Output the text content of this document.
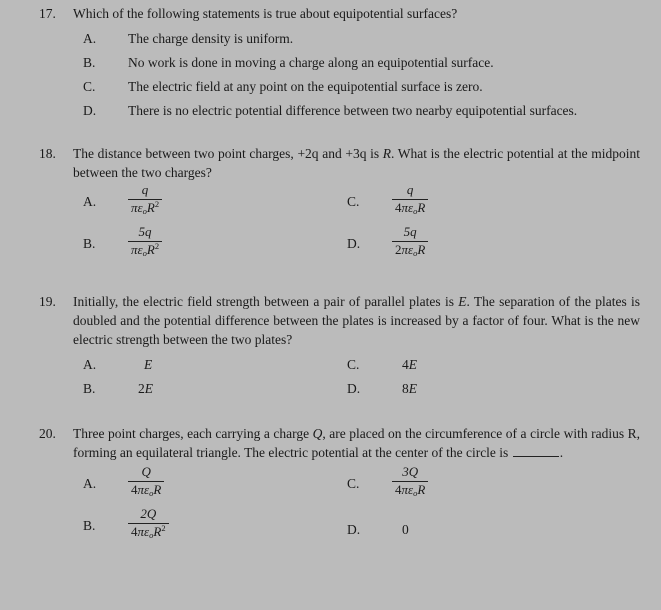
17. Which of the following statements is true about equipotential surfaces?
A.	The charge density is uniform.
B.	No work is done in moving a charge along an equipotential surface.
C.	The electric field at any point on the equipotential surface is zero.
D.	There is no electric potential difference between two nearby equipotential surfaces.
18. The distance between two point charges, +2q and +3q is R. What is the electric potential at the midpoint between the two charges?
A.	$\frac{q}{\pi\varepsilon_oR^2}$
B.	$\frac{5q}{\pi\varepsilon_oR^2}$
C.	$\frac{q}{4\pi\varepsilon_oR}$
D.	$\frac{5q}{2\pi\varepsilon_oR}$
19. Initially, the electric field strength between a pair of parallel plates is E. The separation of the plates is doubled and the potential difference between the plates is increased by a factor of four. What is the new electric strength between the two plates?
A.	E
B.	2E
C.	4E
D.	8E
20. Three point charges, each carrying a charge Q, are placed on the circumference of a circle with radius R, forming an equilateral triangle. The electric potential at the center of the circle is	.
A.	$\frac{Q}{4\pi\varepsilon_oR}$
B.	$\frac{2Q}{4\pi\varepsilon_oR^2}$
C.	$\frac{3Q}{4\pi\varepsilon_oR}$
D.	0
